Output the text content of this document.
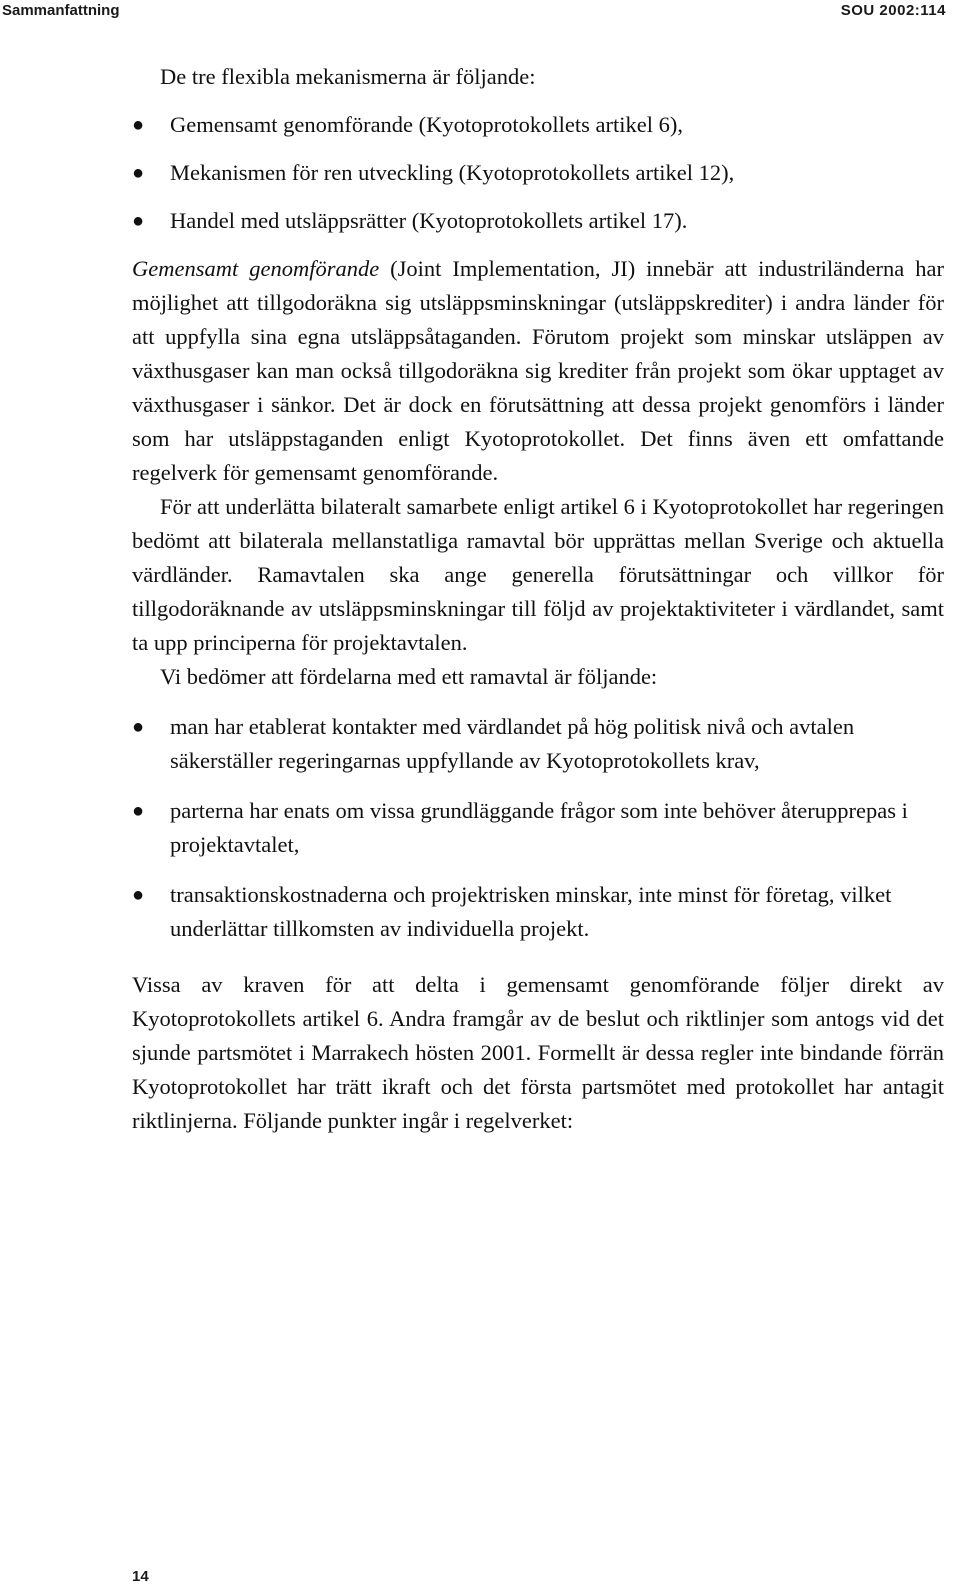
Sammanfattning	SOU 2002:114

De tre flexibla mekanismerna är följande:

● Gemensamt genomförande (Kyotoprotokollets artikel 6),
● Mekanismen för ren utveckling (Kyotoprotokollets artikel 12),
● Handel med utsläppsrätter (Kyotoprotokollets artikel 17).

Gemensamt genomförande (Joint Implementation, JI) innebär att industriländerna har möjlighet att tillgodoräkna sig utsläppsminskningar (utsläppskrediter) i andra länder för att uppfylla sina egna utsläppsåtaganden. Förutom projekt som minskar utsläppen av växthusgaser kan man också tillgodoräkna sig krediter från projekt som ökar upptaget av växthusgaser i sänkor. Det är dock en förutsättning att dessa projekt genomförs i länder som har utsläppstaganden enligt Kyotoprotokollet. Det finns även ett omfattande regelverk för gemensamt genomförande.

För att underlätta bilateralt samarbete enligt artikel 6 i Kyotoprotokollet har regeringen bedömt att bilaterala mellanstatliga ramavtal bör upprättas mellan Sverige och aktuella värdländer. Ramavtalen ska ange generella förutsättningar och villkor för tillgodoräknande av utsläppsminskningar till följd av projektaktiviteter i värdlandet, samt ta upp principerna för projektavtalen.

Vi bedömer att fördelarna med ett ramavtal är följande:

● man har etablerat kontakter med värdlandet på hög politisk nivå och avtalen säkerställer regeringarnas uppfyllande av Kyotoprotokollets krav,
● parterna har enats om vissa grundläggande frågor som inte behöver återupprepas i projektavtalet,
● transaktionskostnaderna och projektrisken minskar, inte minst för företag, vilket underlättar tillkomsten av individuella projekt.

Vissa av kraven för att delta i gemensamt genomförande följer direkt av Kyotoprotokollets artikel 6. Andra framgår av de beslut och riktlinjer som antogs vid det sjunde partsmötet i Marrakech hösten 2001. Formellt är dessa regler inte bindande förrän Kyotoprotokollet har trätt ikraft och det första partsmötet med protokollet har antagit riktlinjerna. Följande punkter ingår i regelverket:

14
